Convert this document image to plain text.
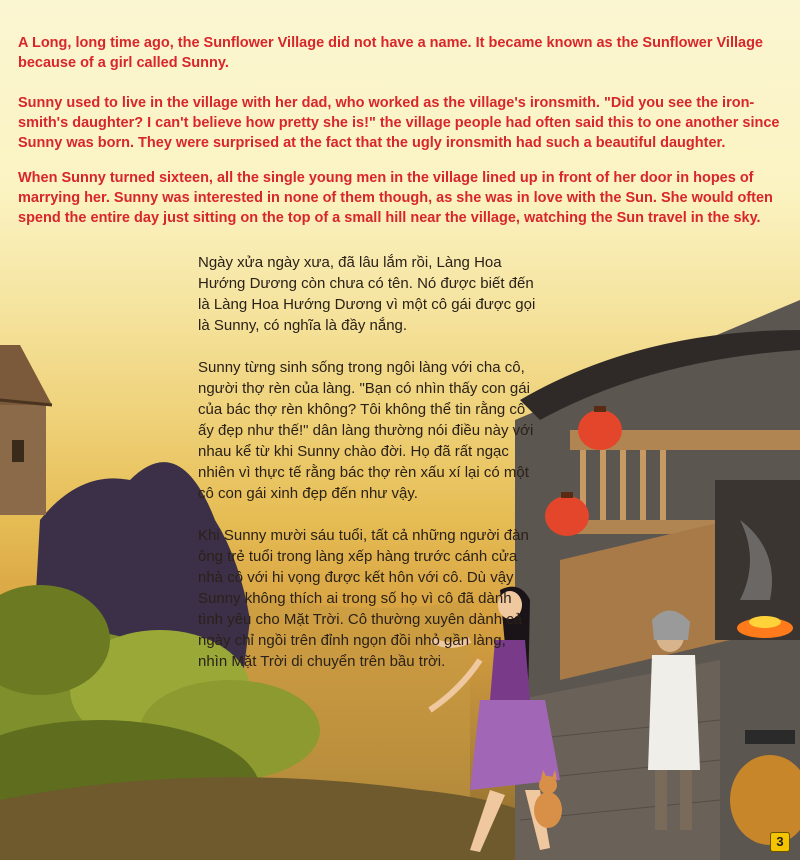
A Long, long time ago, the Sunflower Village did not have a name. It became known as the Sunflower Village because of a girl called Sunny.

Sunny used to live in the village with her dad, who worked as the village's ironsmith. "Did you see the iron-smith's daughter? I can't believe how pretty she is!" the village people had often said this to one another since Sunny was born. They were surprised at the fact that the ugly ironsmith had such a beautiful daughter.

When Sunny turned sixteen, all the single young men in the village lined up in front of her door in hopes of marrying her. Sunny was interested in none of them though, as she was in love with the Sun. She would often spend the entire day just sitting on the top of a small hill near the village, watching the Sun travel in the sky.

Ngày xửa ngày xưa, đã lâu lắm rồi, Làng Hoa Hướng Dương còn chưa có tên. Nó được biết đến là Làng Hoa Hướng Dương vì một cô gái được gọi là Sunny, có nghĩa là đầy nắng.

Sunny từng sinh sống trong ngôi làng với cha cô, người thợ rèn của làng. "Bạn có nhìn thấy con gái của bác thợ rèn không? Tôi không thể tin rằng cô ấy đẹp như thế!" dân làng thường nói điều này với nhau kể từ khi Sunny chào đời. Họ đã rất ngạc nhiên vì thực tế rằng bác thợ rèn xấu xí lại có một cô con gái xinh đẹp đến như vậy.

Khi Sunny mười sáu tuổi, tất cả những người đàn ông trẻ tuổi trong làng xếp hàng trước cánh cửa nhà cô với hi vọng được kết hôn với cô. Dù vậy Sunny không thích ai trong số họ vì cô đã dành tình yêu cho Mặt Trời. Cô thường xuyên dành cả ngày chỉ ngồi trên đỉnh ngọn đồi nhỏ gần làng, nhìn Mặt Trời di chuyển trên bầu trời.

3
